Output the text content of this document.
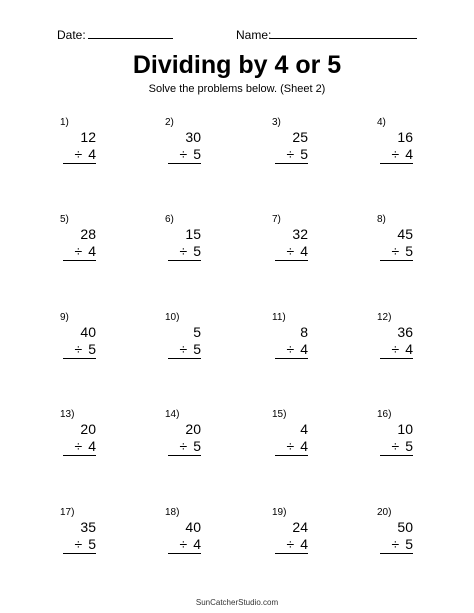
Date:	Name:
Dividing by 4 or 5
Solve the problems below. (Sheet 2)
1)
12
÷ 4
2)
30
÷ 5
3)
25
÷ 5
4)
16
÷ 4
5)
28
÷ 4
6)
15
÷ 5
7)
32
÷ 4
8)
45
÷ 5
9)
40
÷ 5
10)
5
÷ 5
11)
8
÷ 4
12)
36
÷ 4
13)
20
÷ 4
14)
20
÷ 5
15)
4
÷ 4
16)
10
÷ 5
17)
35
÷ 5
18)
40
÷ 4
19)
24
÷ 4
20)
50
÷ 5
SunCatcherStudio.com
